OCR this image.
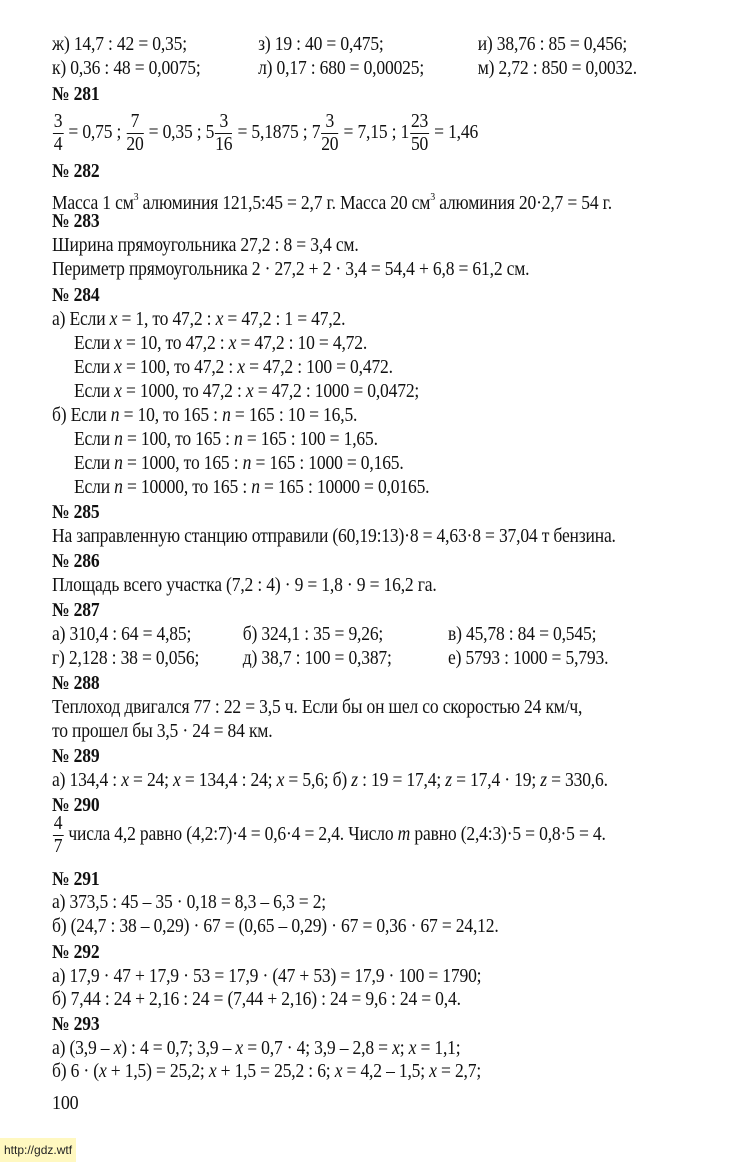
ж) 14,7 : 42 = 0,35;	з) 19 : 40 = 0,475;	и) 38,76 : 85 = 0,456;
к) 0,36 : 48 = 0,0075;	л) 0,17 : 680 = 0,00025;	м) 2,72 : 850 = 0,0032.
№ 281
$\frac{3}{4} = 0,75$ ; $\frac{7}{20} = 0,35$ ; $5 \frac{3}{16} = 5,1875$ ; $7 \frac{3}{20} = 7,15$ ; $1 \frac{23}{50} = 1,46$
№ 282
Масса 1 $см^3$ алюминия 121,5:45 = 2,7 г. Масса 20 $см^3$ алюминия 20·2,7 = 54 г.
№ 283
Ширина прямоугольника 27,2 : 8 = 3,4 см.
Периметр прямоугольника 2 · 27,2 + 2 · 3,4 = 54,4 + 6,8 = 61,2 см.
№ 284
а) Если x = 1, то 47,2 : x = 47,2 : 1 = 47,2.
Если x = 10, то 47,2 : x = 47,2 : 10 = 4,72.
Если x = 100, то 47,2 : x = 47,2 : 100 = 0,472.
Если x = 1000, то 47,2 : x = 47,2 : 1000 = 0,0472;
б) Если n = 10, то 165 : n = 165 : 10 = 16,5.
Если n = 100, то 165 : n = 165 : 100 = 1,65.
Если n = 1000, то 165 : n = 165 : 1000 = 0,165.
Если n = 10000, то 165 : n = 165 : 10000 = 0,0165.
№ 285
На заправленную станцию отправили (60,19:13)·8 = 4,63·8 = 37,04 т бензина.
№ 286
Площадь всего участка (7,2 : 4) · 9 = 1,8 · 9 = 16,2 га.
№ 287
а) 310,4 : 64 = 4,85;	б) 324,1 : 35 = 9,26;	в) 45,78 : 84 = 0,545;
г) 2,128 : 38 = 0,056; д) 38,7 : 100 = 0,387;	е) 5793 : 1000 = 5,793.
№ 288
Теплоход двигался 77 : 22 = 3,5 ч. Если бы он шел со скоростью 24 км/ч,
то прошел бы 3,5 · 24 = 84 км.
№ 289
а) 134,4 : x = 24; x = 134,4 : 24; x = 5,6; б) z : 19 = 17,4; z = 17,4 · 19; z = 330,6.
№ 290
$\frac{4}{7}$ числа 4,2 равно (4,2:7)·4 = 0,6·4 = 2,4. Число m равно (2,4:3)·5 = 0,8·5 = 4.
№ 291
а) 373,5 : 45 – 35 · 0,18 = 8,3 – 6,3 = 2;
б) (24,7 : 38 – 0,29) · 67 = (0,65 – 0,29) · 67 = 0,36 · 67 = 24,12.
№ 292
а) 17,9 · 47 + 17,9 · 53 = 17,9 · (47 + 53) = 17,9 · 100 = 1790;
б) 7,44 : 24 + 2,16 : 24 = (7,44 + 2,16) : 24 = 9,6 : 24 = 0,4.
№ 293
а) (3,9 – x) : 4 = 0,7; 3,9 – x = 0,7 · 4; 3,9 – 2,8 = x; x = 1,1;
б) 6 · (x + 1,5) = 25,2; x + 1,5 = 25,2 : 6; x = 4,2 – 1,5; x = 2,7;
100
http://gdz.wtf
